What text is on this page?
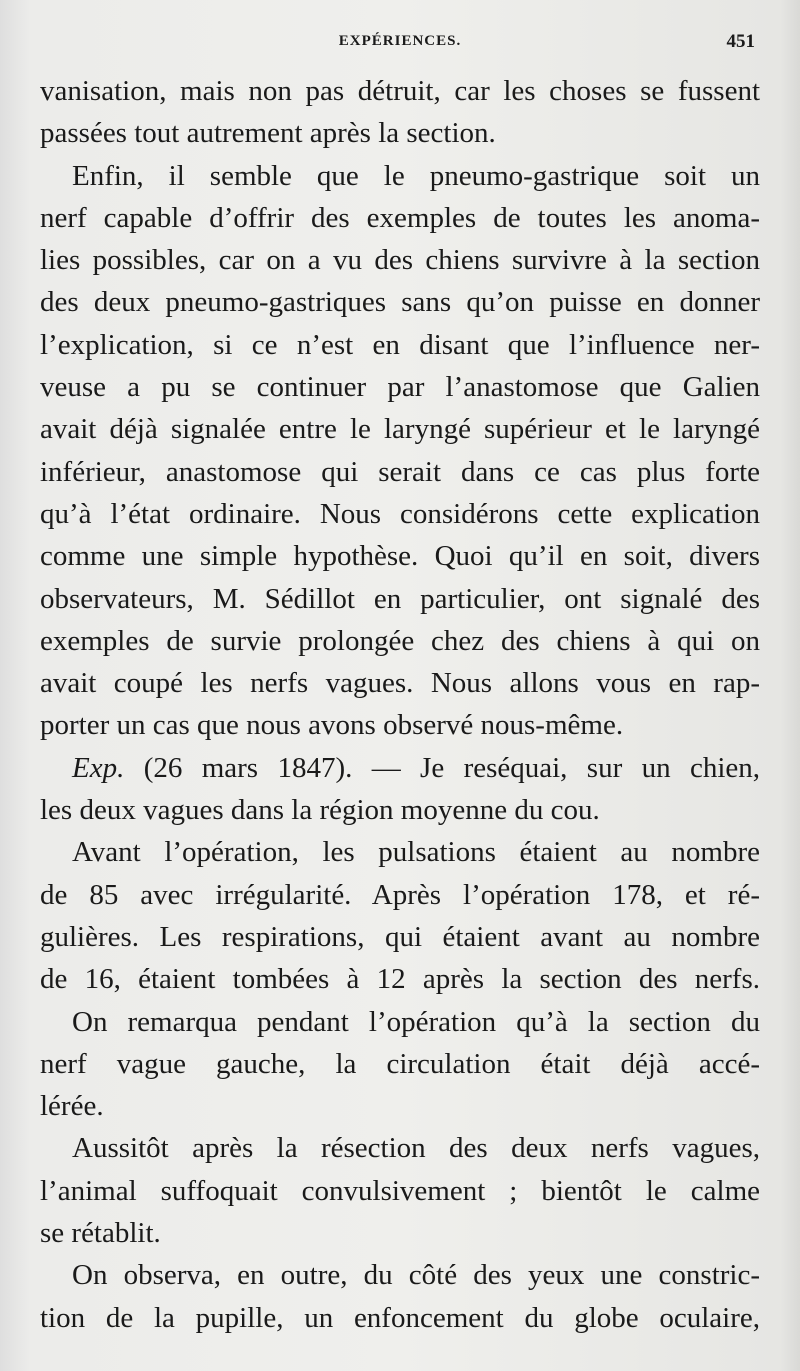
EXPÉRIENCES.	451
vanisation, mais non pas détruit, car les choses se fussent
passées tout autrement après la section.
Enfin, il semble que le pneumo-gastrique soit un
nerf capable d’offrir des exemples de toutes les anoma-
lies possibles, car on a vu des chiens survivre à la section
des deux pneumo-gastriques sans qu’on puisse en donner
l’explication, si ce n’est en disant que l’influence ner-
veuse a pu se continuer par l’anastomose que Galien
avait déjà signalée entre le laryngé supérieur et le laryngé
inférieur, anastomose qui serait dans ce cas plus forte
qu’à l’état ordinaire. Nous considérons cette explication
comme une simple hypothèse. Quoi qu’il en soit, divers
observateurs, M. Sédillot en particulier, ont signalé des
exemples de survie prolongée chez des chiens à qui on
avait coupé les nerfs vagues. Nous allons vous en rap-
porter un cas que nous avons observé nous-même.
Exp. (26 mars 1847). — Je reséquai, sur un chien,
les deux vagues dans la région moyenne du cou.
Avant l’opération, les pulsations étaient au nombre
de 85 avec irrégularité. Après l’opération 178, et ré-
gulières. Les respirations, qui étaient avant au nombre
de 16, étaient tombées à 12 après la section des nerfs.
On remarqua pendant l’opération qu’à la section du
nerf vague gauche, la circulation était déjà accé-
lérée.
Aussitôt après la résection des deux nerfs vagues,
l’animal suffoquait convulsivement ; bientôt le calme
se rétablit.
On observa, en outre, du côté des yeux une constric-
tion de la pupille, un enfoncement du globe oculaire,
